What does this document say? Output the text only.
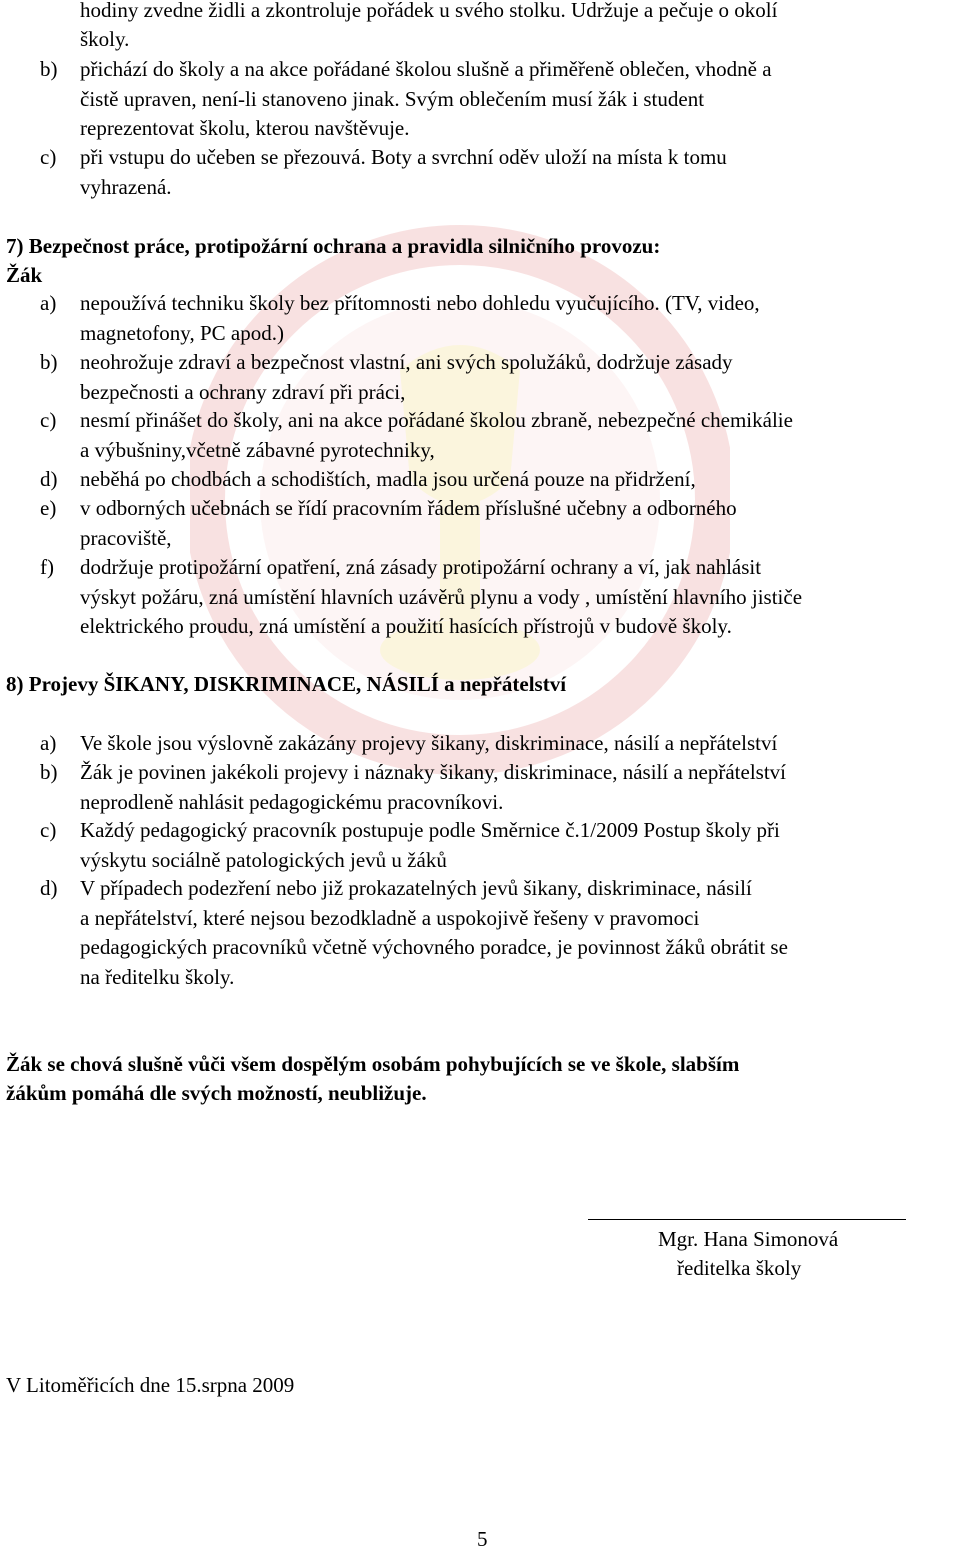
hodiny zvedne židli a zkontroluje pořádek u svého stolku. Udržuje a pečuje o okolí
školy.
b) přichází do školy a na akce pořádané školou slušně a přiměřeně oblečen, vhodně a
čistě upraven, není-li stanoveno jinak. Svým oblečením musí žák i student
reprezentovat školu, kterou navštěvuje.
c) při vstupu do učeben se přezouvá. Boty a svrchní oděv uloží na místa k tomu
vyhrazená.
7) Bezpečnost práce, protipožární ochrana a pravidla silničního provozu:
Žák
a) nepoužívá techniku školy bez přítomnosti nebo dohledu vyučujícího. (TV, video,
magnetofony, PC apod.)
b) neohrožuje zdraví a bezpečnost vlastní, ani svých spolužáků, dodržuje zásady
bezpečnosti a ochrany zdraví při práci,
c) nesmí přinášet do školy, ani na akce pořádané školou zbraně, nebezpečné chemikálie
a výbušniny,včetně zábavné pyrotechniky,
d) neběhá po chodbách a schodištích, madla jsou určená pouze na přidržení,
e) v odborných učebnách se řídí pracovním řádem příslušné učebny a odborného
pracoviště,
f) dodržuje protipožární opatření, zná zásady protipožární ochrany a ví, jak nahlásit
výskyt požáru, zná umístění hlavních uzávěrů plynu a vody , umístění hlavního jističe
elektrického proudu, zná umístění a použití hasících přístrojů v budově školy.
8) Projevy ŠIKANY, DISKRIMINACE, NÁSILÍ a nepřátelství
a) Ve škole jsou výslovně zakázány projevy šikany, diskriminace, násilí a nepřátelství
b) Žák je povinen jakékoli projevy i náznaky šikany, diskriminace, násilí a nepřátelství
neprodleně nahlásit pedagogickému pracovníkovi.
c) Každý pedagogický pracovník postupuje podle Směrnice č.1/2009 Postup školy při
výskytu sociálně patologických jevů u žáků
d) V případech podezření nebo již prokazatelných jevů šikany, diskriminace, násilí
a nepřátelství, které nejsou bezodkladně a uspokojivě řešeny v pravomoci
pedagogických pracovníků včetně výchovného poradce, je povinnost žáků obrátit se
na ředitelku školy.
Žák se chová slušně vůči všem dospělým osobám pohybujících se ve škole, slabším
žákům pomáhá dle svých možností, neubližuje.
Mgr. Hana Simonová
ředitelka školy
V Litoměřicích dne 15.srpna 2009
5
